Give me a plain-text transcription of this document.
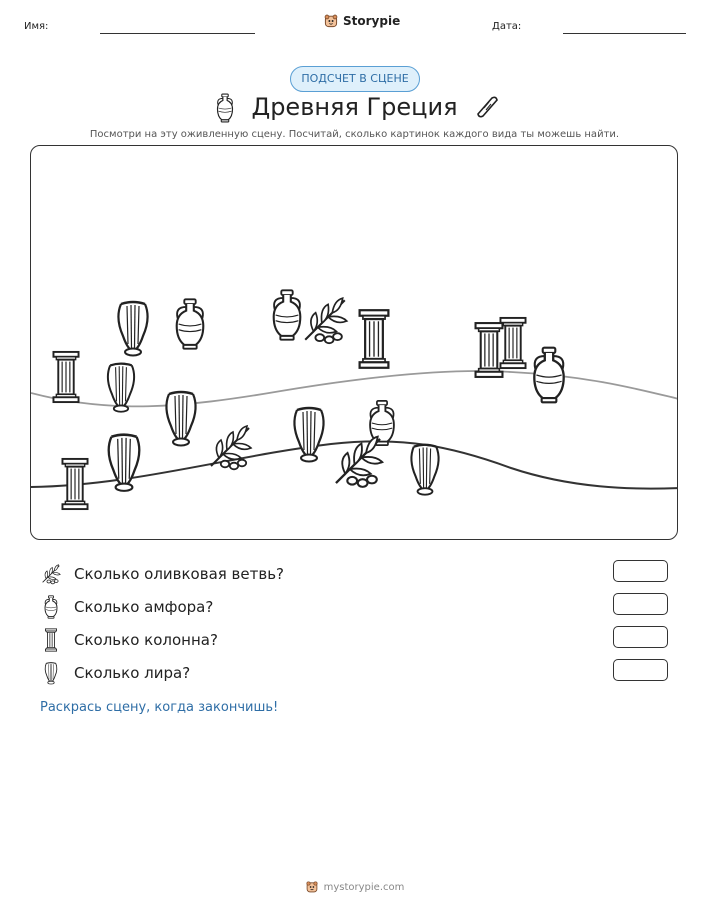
Имя:	Storypie	Дата:
ПОДСЧЕТ В СЦЕНЕ
Древняя Греция
Посмотри на эту оживленную сцену. Посчитай, сколько картинок каждого вида ты можешь найти.
Сколько оливковая ветвь?
Сколько амфора?
Сколько колонна?
Сколько лира?
Раскрась сцену, когда закончишь!
mystorypie.com
